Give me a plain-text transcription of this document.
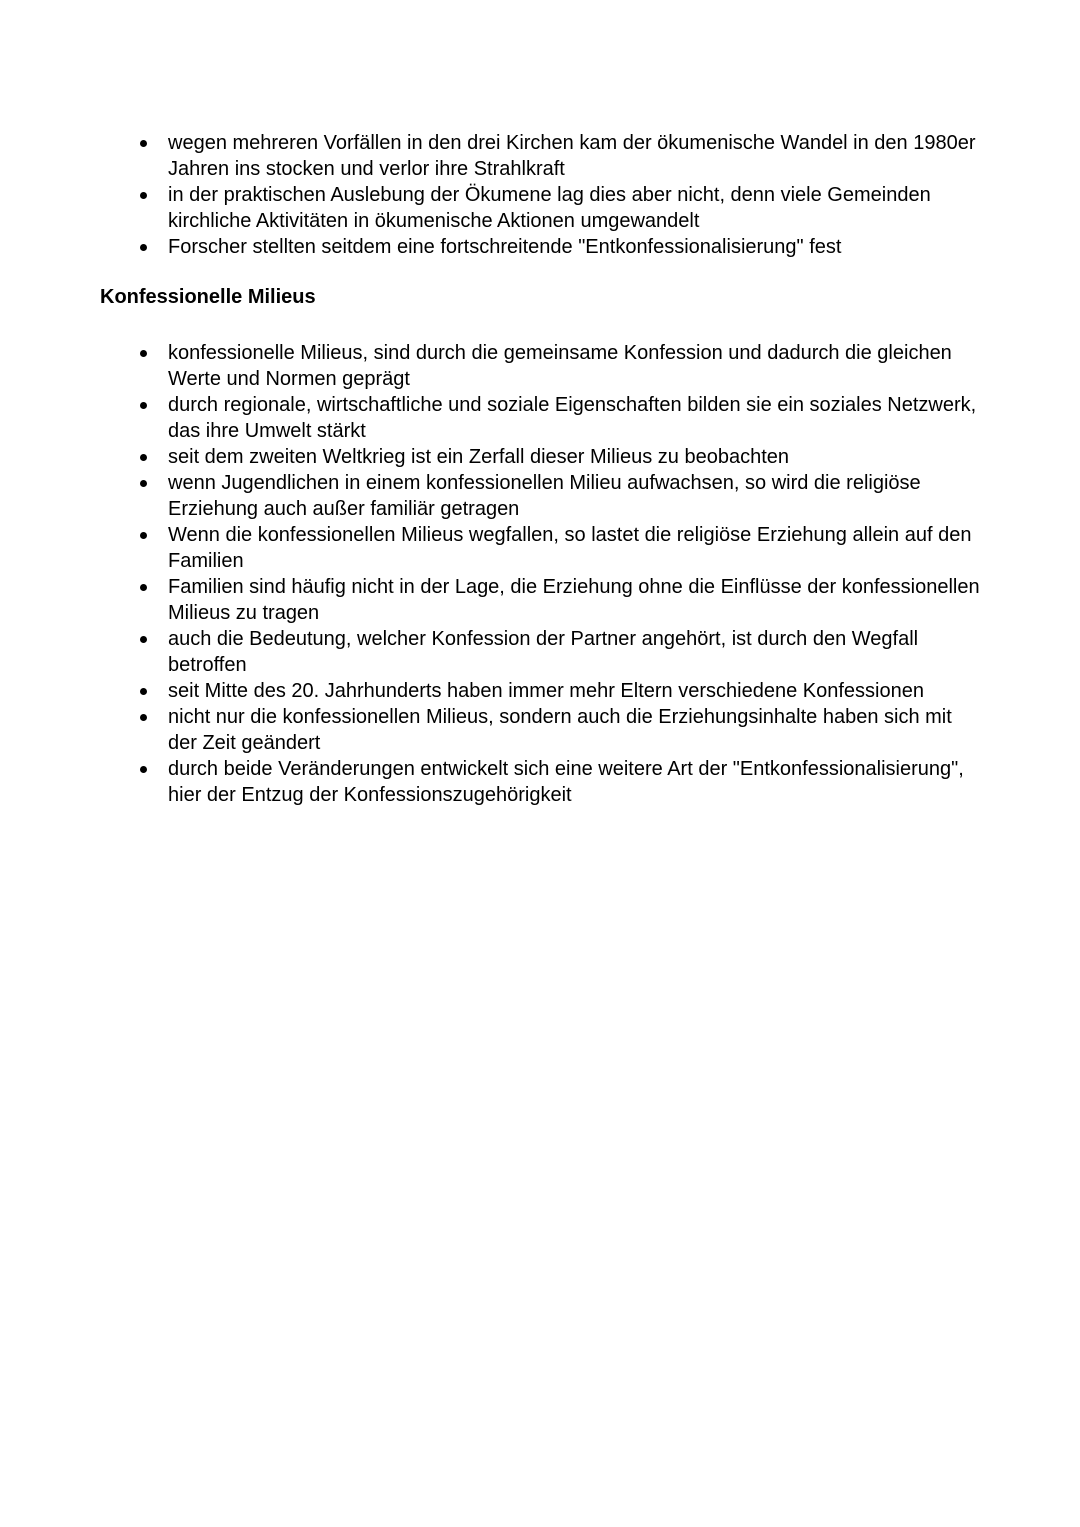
wegen mehreren Vorfällen in den drei Kirchen kam der ökumenische Wandel in den 1980er Jahren ins stocken und verlor ihre Strahlkraft
in der praktischen Auslebung der Ökumene lag dies aber nicht, denn viele Gemeinden kirchliche Aktivitäten in ökumenische Aktionen umgewandelt
Forscher stellten seitdem eine fortschreitende "Entkonfessionalisierung" fest
Konfessionelle Milieus
konfessionelle Milieus, sind durch die gemeinsame Konfession und dadurch die gleichen Werte und Normen geprägt
durch regionale, wirtschaftliche und soziale Eigenschaften bilden sie ein soziales Netzwerk, das ihre Umwelt stärkt
seit dem zweiten Weltkrieg ist ein Zerfall dieser Milieus zu beobachten
wenn Jugendlichen in einem konfessionellen Milieu aufwachsen, so wird die religiöse Erziehung auch außer familiär getragen
Wenn die konfessionellen Milieus wegfallen, so lastet die religiöse Erziehung allein auf den Familien
Familien sind häufig nicht in der Lage, die Erziehung ohne die Einflüsse der konfessionellen Milieus zu tragen
auch die Bedeutung, welcher Konfession der Partner angehört, ist durch den Wegfall betroffen
seit Mitte des 20. Jahrhunderts haben immer mehr Eltern verschiedene Konfessionen
nicht nur die konfessionellen Milieus, sondern auch die Erziehungsinhalte haben sich mit der Zeit geändert
durch beide Veränderungen entwickelt sich eine weitere Art der "Entkonfessionalisierung", hier der Entzug der Konfessionszugehörigkeit
